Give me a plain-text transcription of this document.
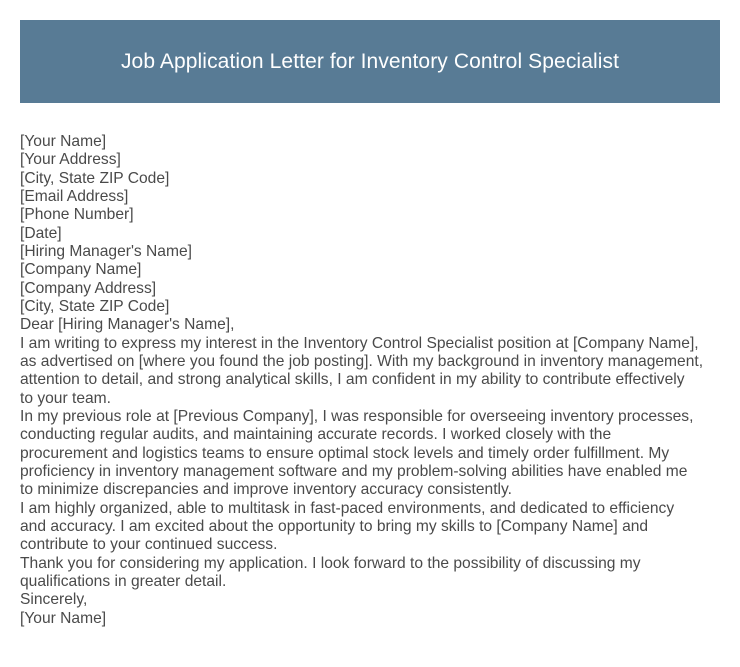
Job Application Letter for Inventory Control Specialist
[Your Name]
[Your Address]
[City, State ZIP Code]
[Email Address]
[Phone Number]
[Date]
[Hiring Manager's Name]
[Company Name]
[Company Address]
[City, State ZIP Code]
Dear [Hiring Manager's Name],
I am writing to express my interest in the Inventory Control Specialist position at [Company Name],
as advertised on [where you found the job posting]. With my background in inventory management,
attention to detail, and strong analytical skills, I am confident in my ability to contribute effectively
to your team.
In my previous role at [Previous Company], I was responsible for overseeing inventory processes,
conducting regular audits, and maintaining accurate records. I worked closely with the
procurement and logistics teams to ensure optimal stock levels and timely order fulfillment. My
proficiency in inventory management software and my problem-solving abilities have enabled me
to minimize discrepancies and improve inventory accuracy consistently.
I am highly organized, able to multitask in fast-paced environments, and dedicated to efficiency
and accuracy. I am excited about the opportunity to bring my skills to [Company Name] and
contribute to your continued success.
Thank you for considering my application. I look forward to the possibility of discussing my
qualifications in greater detail.
Sincerely,
[Your Name]
